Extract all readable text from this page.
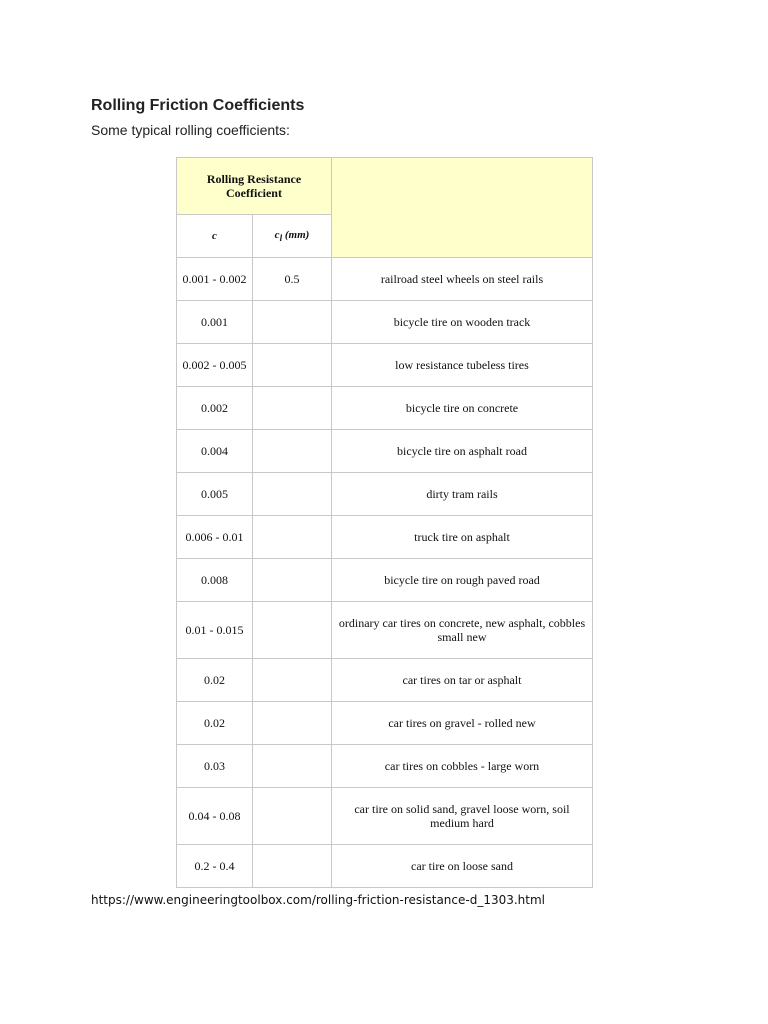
Rolling Friction Coefficients

Some typical rolling coefficients:

Rolling Resistance Coefficient		
c	$c_l$ (mm)	
0.001 - 0.002	0.5	railroad steel wheels on steel rails
0.001		bicycle tire on wooden track
0.002 - 0.005		low resistance tubeless tires
0.002		bicycle tire on concrete
0.004		bicycle tire on asphalt road
0.005		dirty tram rails
0.006 - 0.01		truck tire on asphalt
0.008		bicycle tire on rough paved road
0.01 - 0.015		ordinary car tires on concrete, new asphalt, cobbles small new
0.02		car tires on tar or asphalt
0.02		car tires on gravel - rolled new
0.03		car tires on cobbles - large worn
0.04 - 0.08		car tire on solid sand, gravel loose worn, soil medium hard
0.2 - 0.4		car tire on loose sand

https://www.engineeringtoolbox.com/rolling-friction-resistance-d_1303.html
